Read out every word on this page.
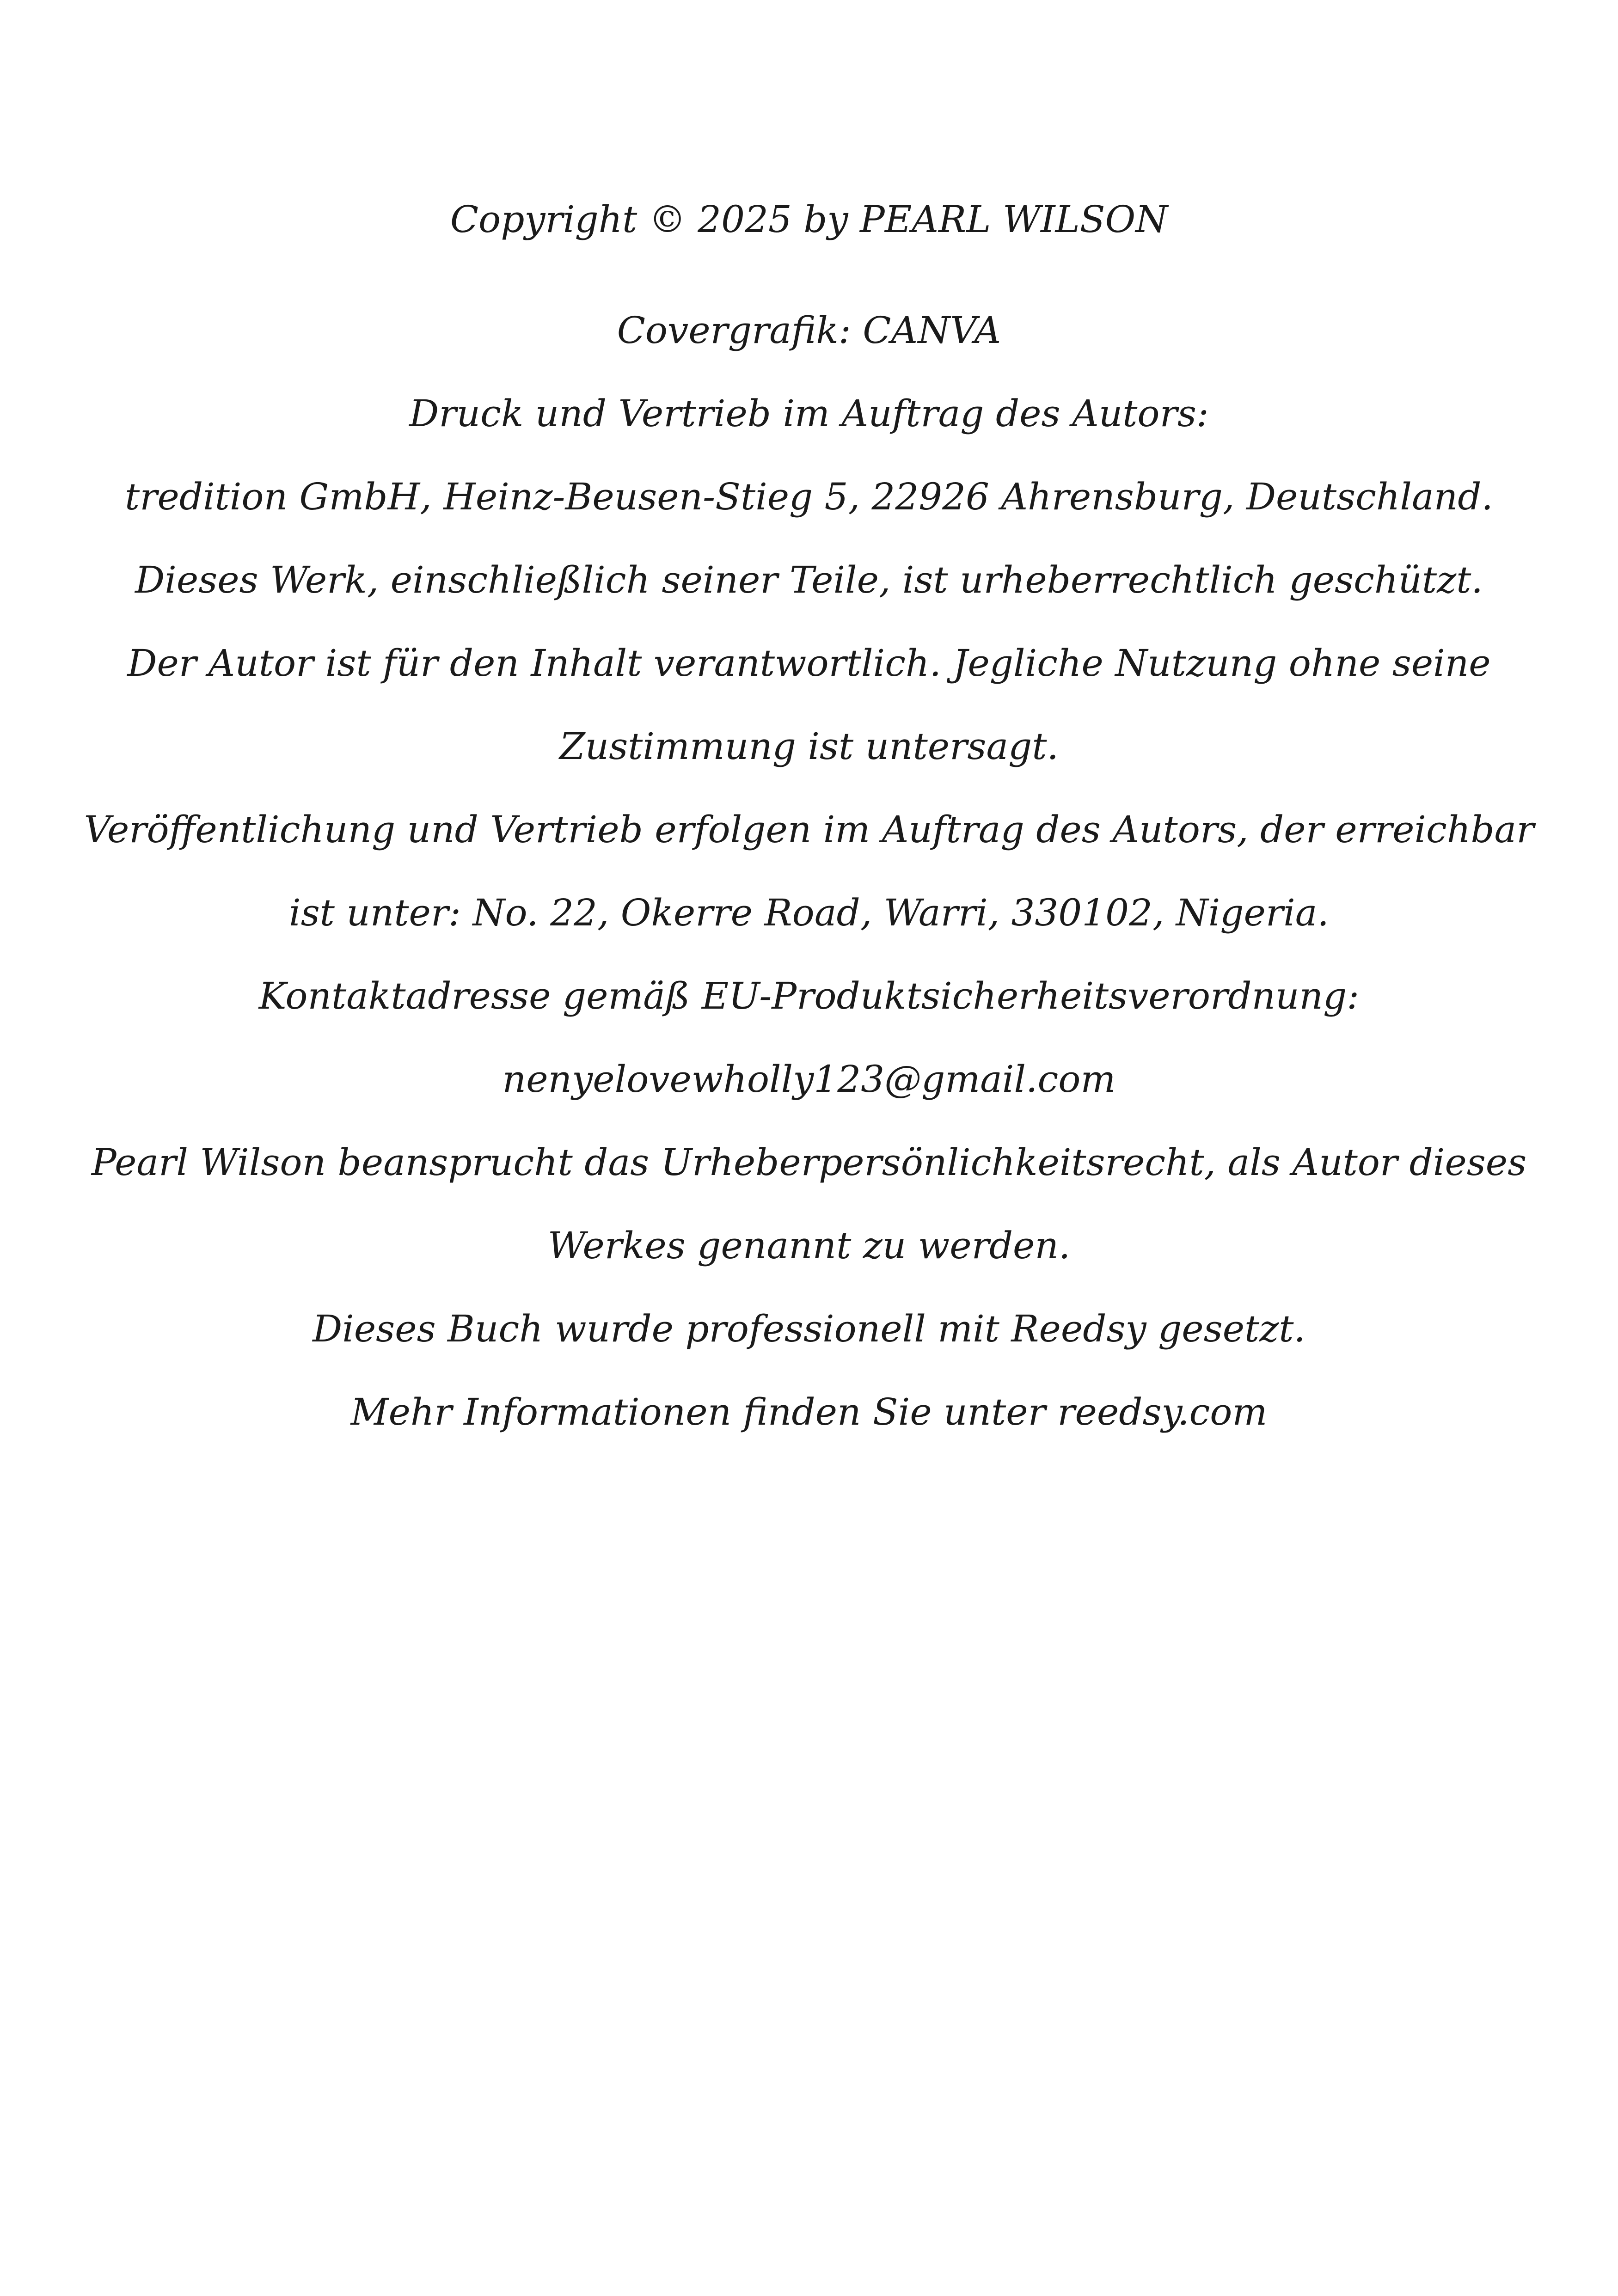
Copyright © 2025 by PEARL WILSON
Covergrafik: CANVA
Druck und Vertrieb im Auftrag des Autors:
tredition GmbH, Heinz-Beusen-Stieg 5, 22926 Ahrensburg, Deutschland.
Dieses Werk, einschließlich seiner Teile, ist urheberrechtlich geschützt.
Der Autor ist für den Inhalt verantwortlich. Jegliche Nutzung ohne seine
Zustimmung ist untersagt.
Veröffentlichung und Vertrieb erfolgen im Auftrag des Autors, der erreichbar
ist unter: No. 22, Okerre Road, Warri, 330102, Nigeria.
Kontaktadresse gemäß EU-Produktsicherheitsverordnung:
nenyelovewholly123@gmail.com
Pearl Wilson beansprucht das Urheberpersönlichkeitsrecht, als Autor dieses
Werkes genannt zu werden.
Dieses Buch wurde professionell mit Reedsy gesetzt.
Mehr Informationen finden Sie unter reedsy.com
